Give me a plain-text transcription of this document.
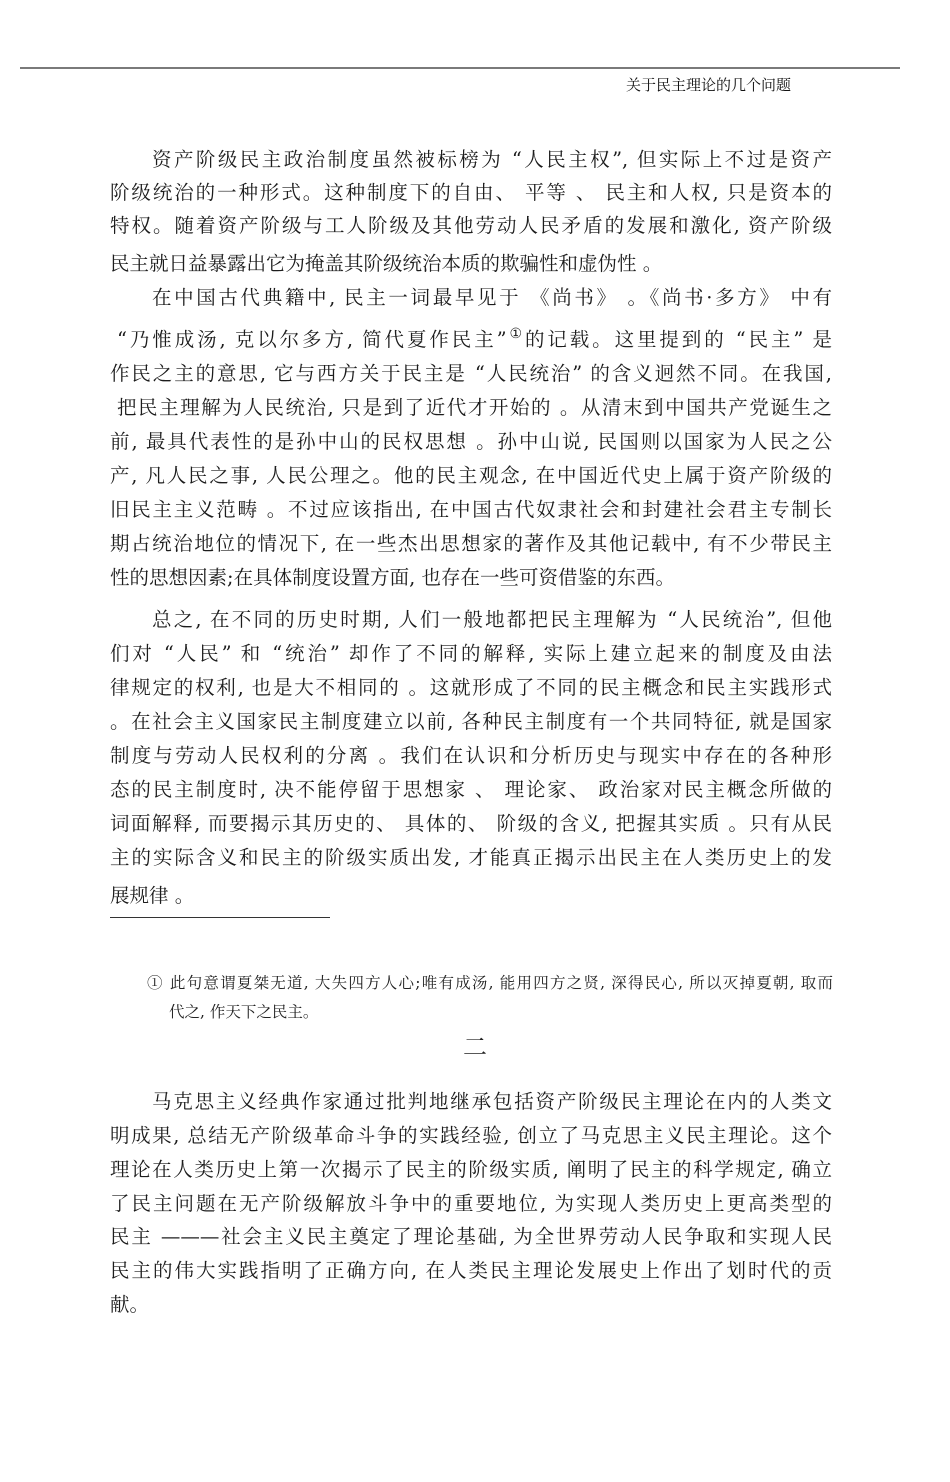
关于民主理论的几个问题
资产阶级民主政治制度虽然被标榜为 “人民主权”, 但实际上不过是资产
阶级统治的一种形式。这种制度下的自由、 平等 、 民主和人权, 只是资本的
特权。随着资产阶级与工人阶级及其他劳动人民矛盾的发展和激化, 资产阶级
民主就日益暴露出它为掩盖其阶级统治本质的欺骗性和虚伪性 。
在中国古代典籍中, 民主一词最早见于 《尚书》 。《尚书·多方》 中有
“乃惟成汤, 克以尔多方, 简代夏作民主”①的记载。这里提到的 “民主” 是
作民之主的意思, 它与西方关于民主是 “人民统治” 的含义迥然不同。在我国,
把民主理解为人民统治, 只是到了近代才开始的 。从清末到中国共产党诞生之
前, 最具代表性的是孙中山的民权思想 。孙中山说, 民国则以国家为人民之公
产, 凡人民之事, 人民公理之。他的民主观念, 在中国近代史上属于资产阶级的
旧民主主义范畴 。不过应该指出, 在中国古代奴隶社会和封建社会君主专制长
期占统治地位的情况下, 在一些杰出思想家的著作及其他记载中, 有不少带民主
性的思想因素;在具体制度设置方面, 也存在一些可资借鉴的东西。
总之, 在不同的历史时期, 人们一般地都把民主理解为 “人民统治”, 但他
们对 “人民” 和 “统治” 却作了不同的解释, 实际上建立起来的制度及由法
律规定的权利, 也是大不相同的 。这就形成了不同的民主概念和民主实践形式
。在社会主义国家民主制度建立以前, 各种民主制度有一个共同特征, 就是国家
制度与劳动人民权利的分离 。我们在认识和分析历史与现实中存在的各种形
态的民主制度时, 决不能停留于思想家 、 理论家、 政治家对民主概念所做的
词面解释, 而要揭示其历史的、 具体的、 阶级的含义, 把握其实质 。只有从民
主的实际含义和民主的阶级实质出发, 才能真正揭示出民主在人类历史上的发
展规律 。
① 此句意谓夏桀无道, 大失四方人心;唯有成汤, 能用四方之贤, 深得民心, 所以灭掉夏朝, 取而
代之, 作天下之民主。
二
马克思主义经典作家通过批判地继承包括资产阶级民主理论在内的人类文
明成果, 总结无产阶级革命斗争的实践经验, 创立了马克思主义民主理论。这个
理论在人类历史上第一次揭示了民主的阶级实质, 阐明了民主的科学规定, 确立
了民主问题在无产阶级解放斗争中的重要地位, 为实现人类历史上更高类型的
民主 ———社会主义民主奠定了理论基础, 为全世界劳动人民争取和实现人民
民主的伟大实践指明了正确方向, 在人类民主理论发展史上作出了划时代的贡
献。
